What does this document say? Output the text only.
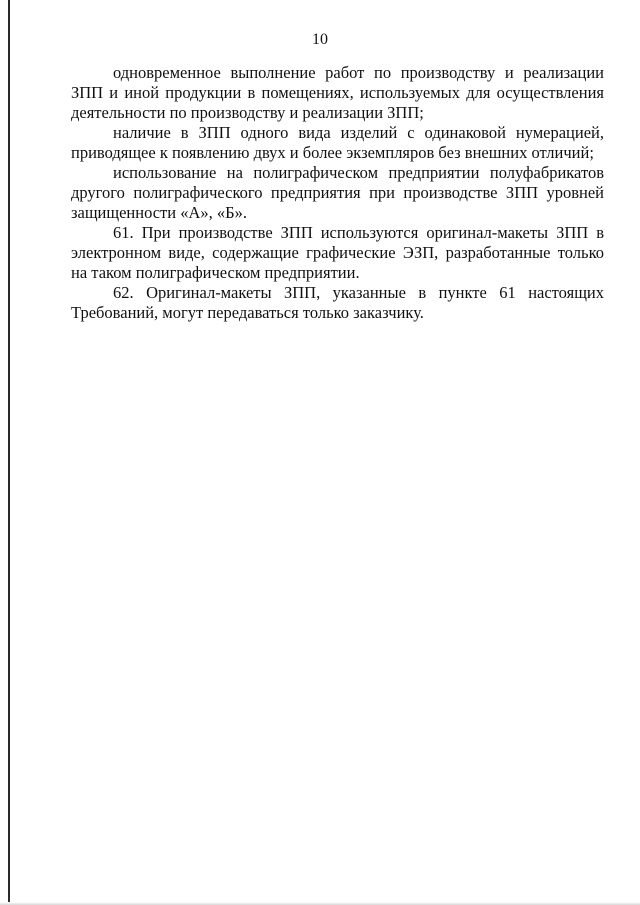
10

одновременное выполнение работ по производству и реализации ЗПП и иной продукции в помещениях, используемых для осуществления деятельности по производству и реализации ЗПП;

наличие в ЗПП одного вида изделий с одинаковой нумерацией, приводящее к появлению двух и более экземпляров без внешних отличий;

использование на полиграфическом предприятии полуфабрикатов другого полиграфического предприятия при производстве ЗПП уровней защищенности «А», «Б».

61. При производстве ЗПП используются оригинал-макеты ЗПП в электронном виде, содержащие графические ЭЗП, разработанные только на таком полиграфическом предприятии.

62. Оригинал-макеты ЗПП, указанные в пункте 61 настоящих Требований, могут передаваться только заказчику.
